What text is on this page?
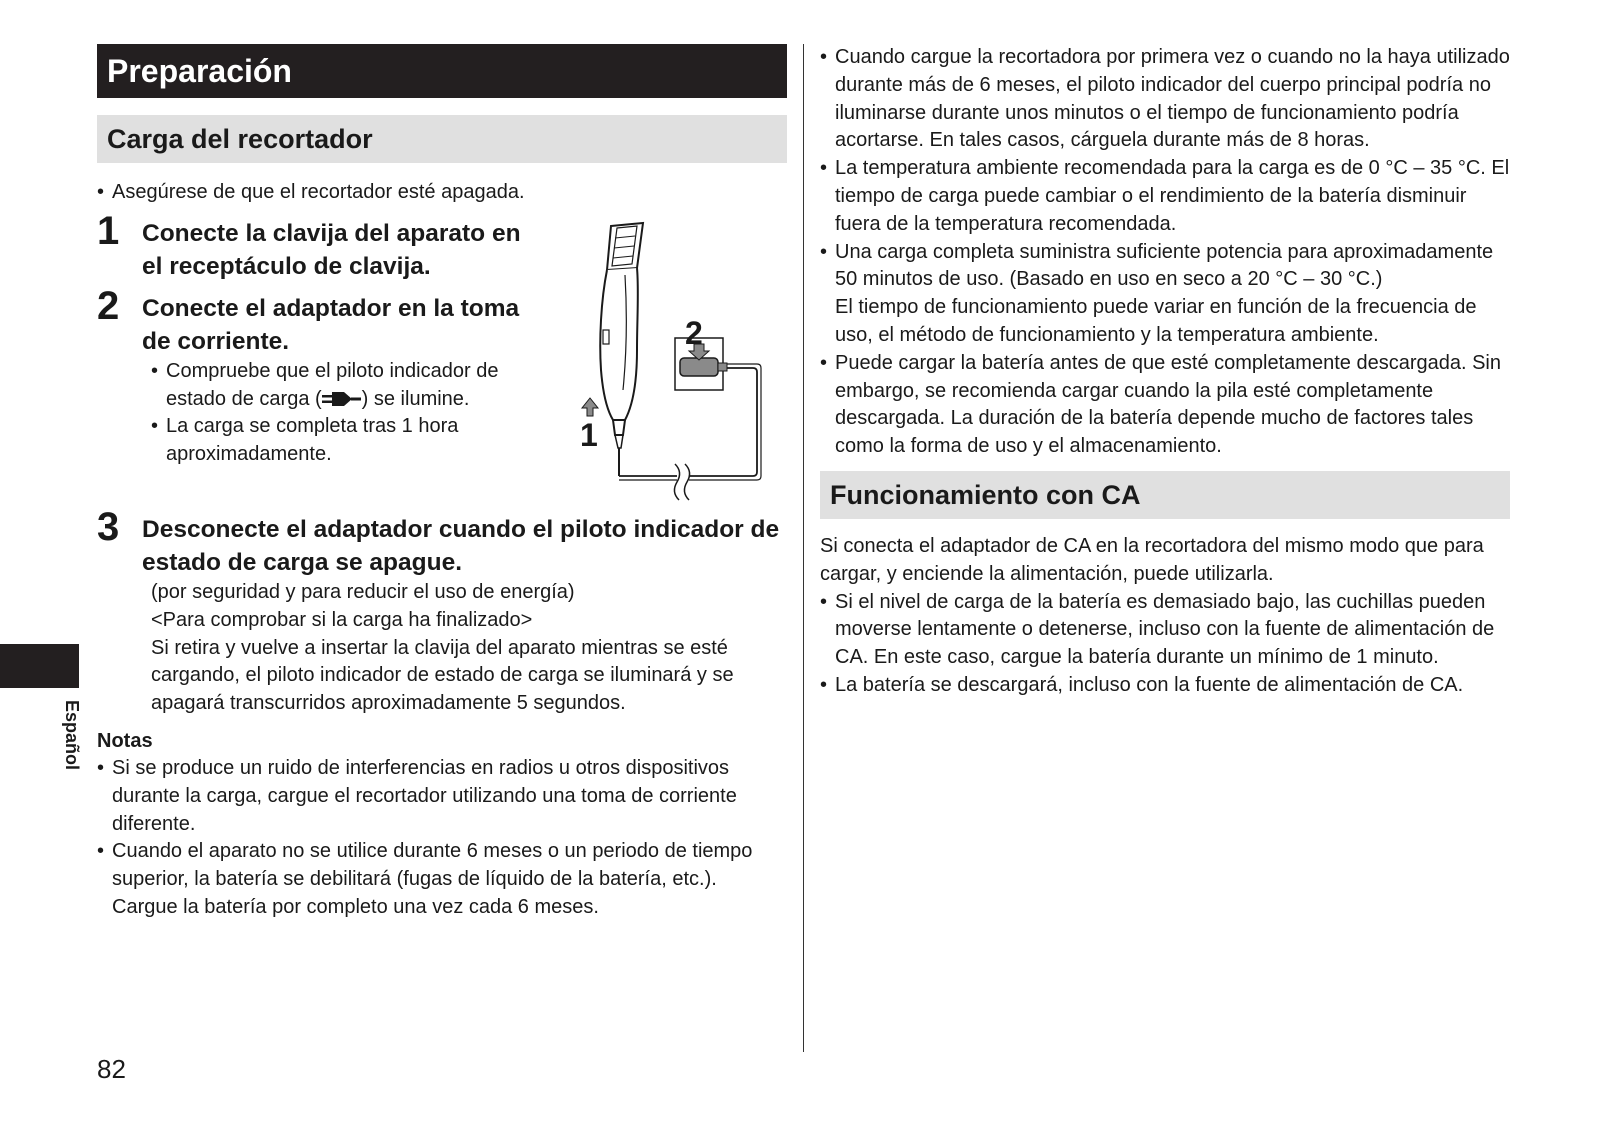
Preparación
Carga del recortador
• Asegúrese de que el recortador esté apagada.
1 Conecte la clavija del aparato en el receptáculo de clavija.
2 Conecte el adaptador en la toma de corriente.
• Compruebe que el piloto indicador de estado de carga ( ) se ilumine.
• La carga se completa tras 1 hora aproximadamente.
3 Desconecte el adaptador cuando el piloto indicador de estado de carga se apague.
(por seguridad y para reducir el uso de energía)
<Para comprobar si la carga ha finalizado>
Si retira y vuelve a insertar la clavija del aparato mientras se esté cargando, el piloto indicador de estado de carga se iluminará y se apagará transcurridos aproximadamente 5 segundos.
Notas
• Si se produce un ruido de interferencias en radios u otros dispositivos durante la carga, cargue el recortador utilizando una toma de corriente diferente.
• Cuando el aparato no se utilice durante 6 meses o un periodo de tiempo superior, la batería se debilitará (fugas de líquido de la batería, etc.). Cargue la batería por completo una vez cada 6 meses.
1
2
• Cuando cargue la recortadora por primera vez o cuando no la haya utilizado durante más de 6 meses, el piloto indicador del cuerpo principal podría no iluminarse durante unos minutos o el tiempo de funcionamiento podría acortarse. En tales casos, cárguela durante más de 8 horas.
• La temperatura ambiente recomendada para la carga es de 0 °C – 35 °C. El tiempo de carga puede cambiar o el rendimiento de la batería disminuir fuera de la temperatura recomendada.
• Una carga completa suministra suficiente potencia para aproximadamente 50 minutos de uso. (Basado en uso en seco a 20 °C – 30 °C.)
El tiempo de funcionamiento puede variar en función de la frecuencia de uso, el método de funcionamiento y la temperatura ambiente.
• Puede cargar la batería antes de que esté completamente descargada. Sin embargo, se recomienda cargar cuando la pila esté completamente descargada. La duración de la batería depende mucho de factores tales como la forma de uso y el almacenamiento.
Funcionamiento con CA
Si conecta el adaptador de CA en la recortadora del mismo modo que para cargar, y enciende la alimentación, puede utilizarla.
• Si el nivel de carga de la batería es demasiado bajo, las cuchillas pueden moverse lentamente o detenerse, incluso con la fuente de alimentación de CA. En este caso, cargue la batería durante un mínimo de 1 minuto.
• La batería se descargará, incluso con la fuente de alimentación de CA.
Español
82
